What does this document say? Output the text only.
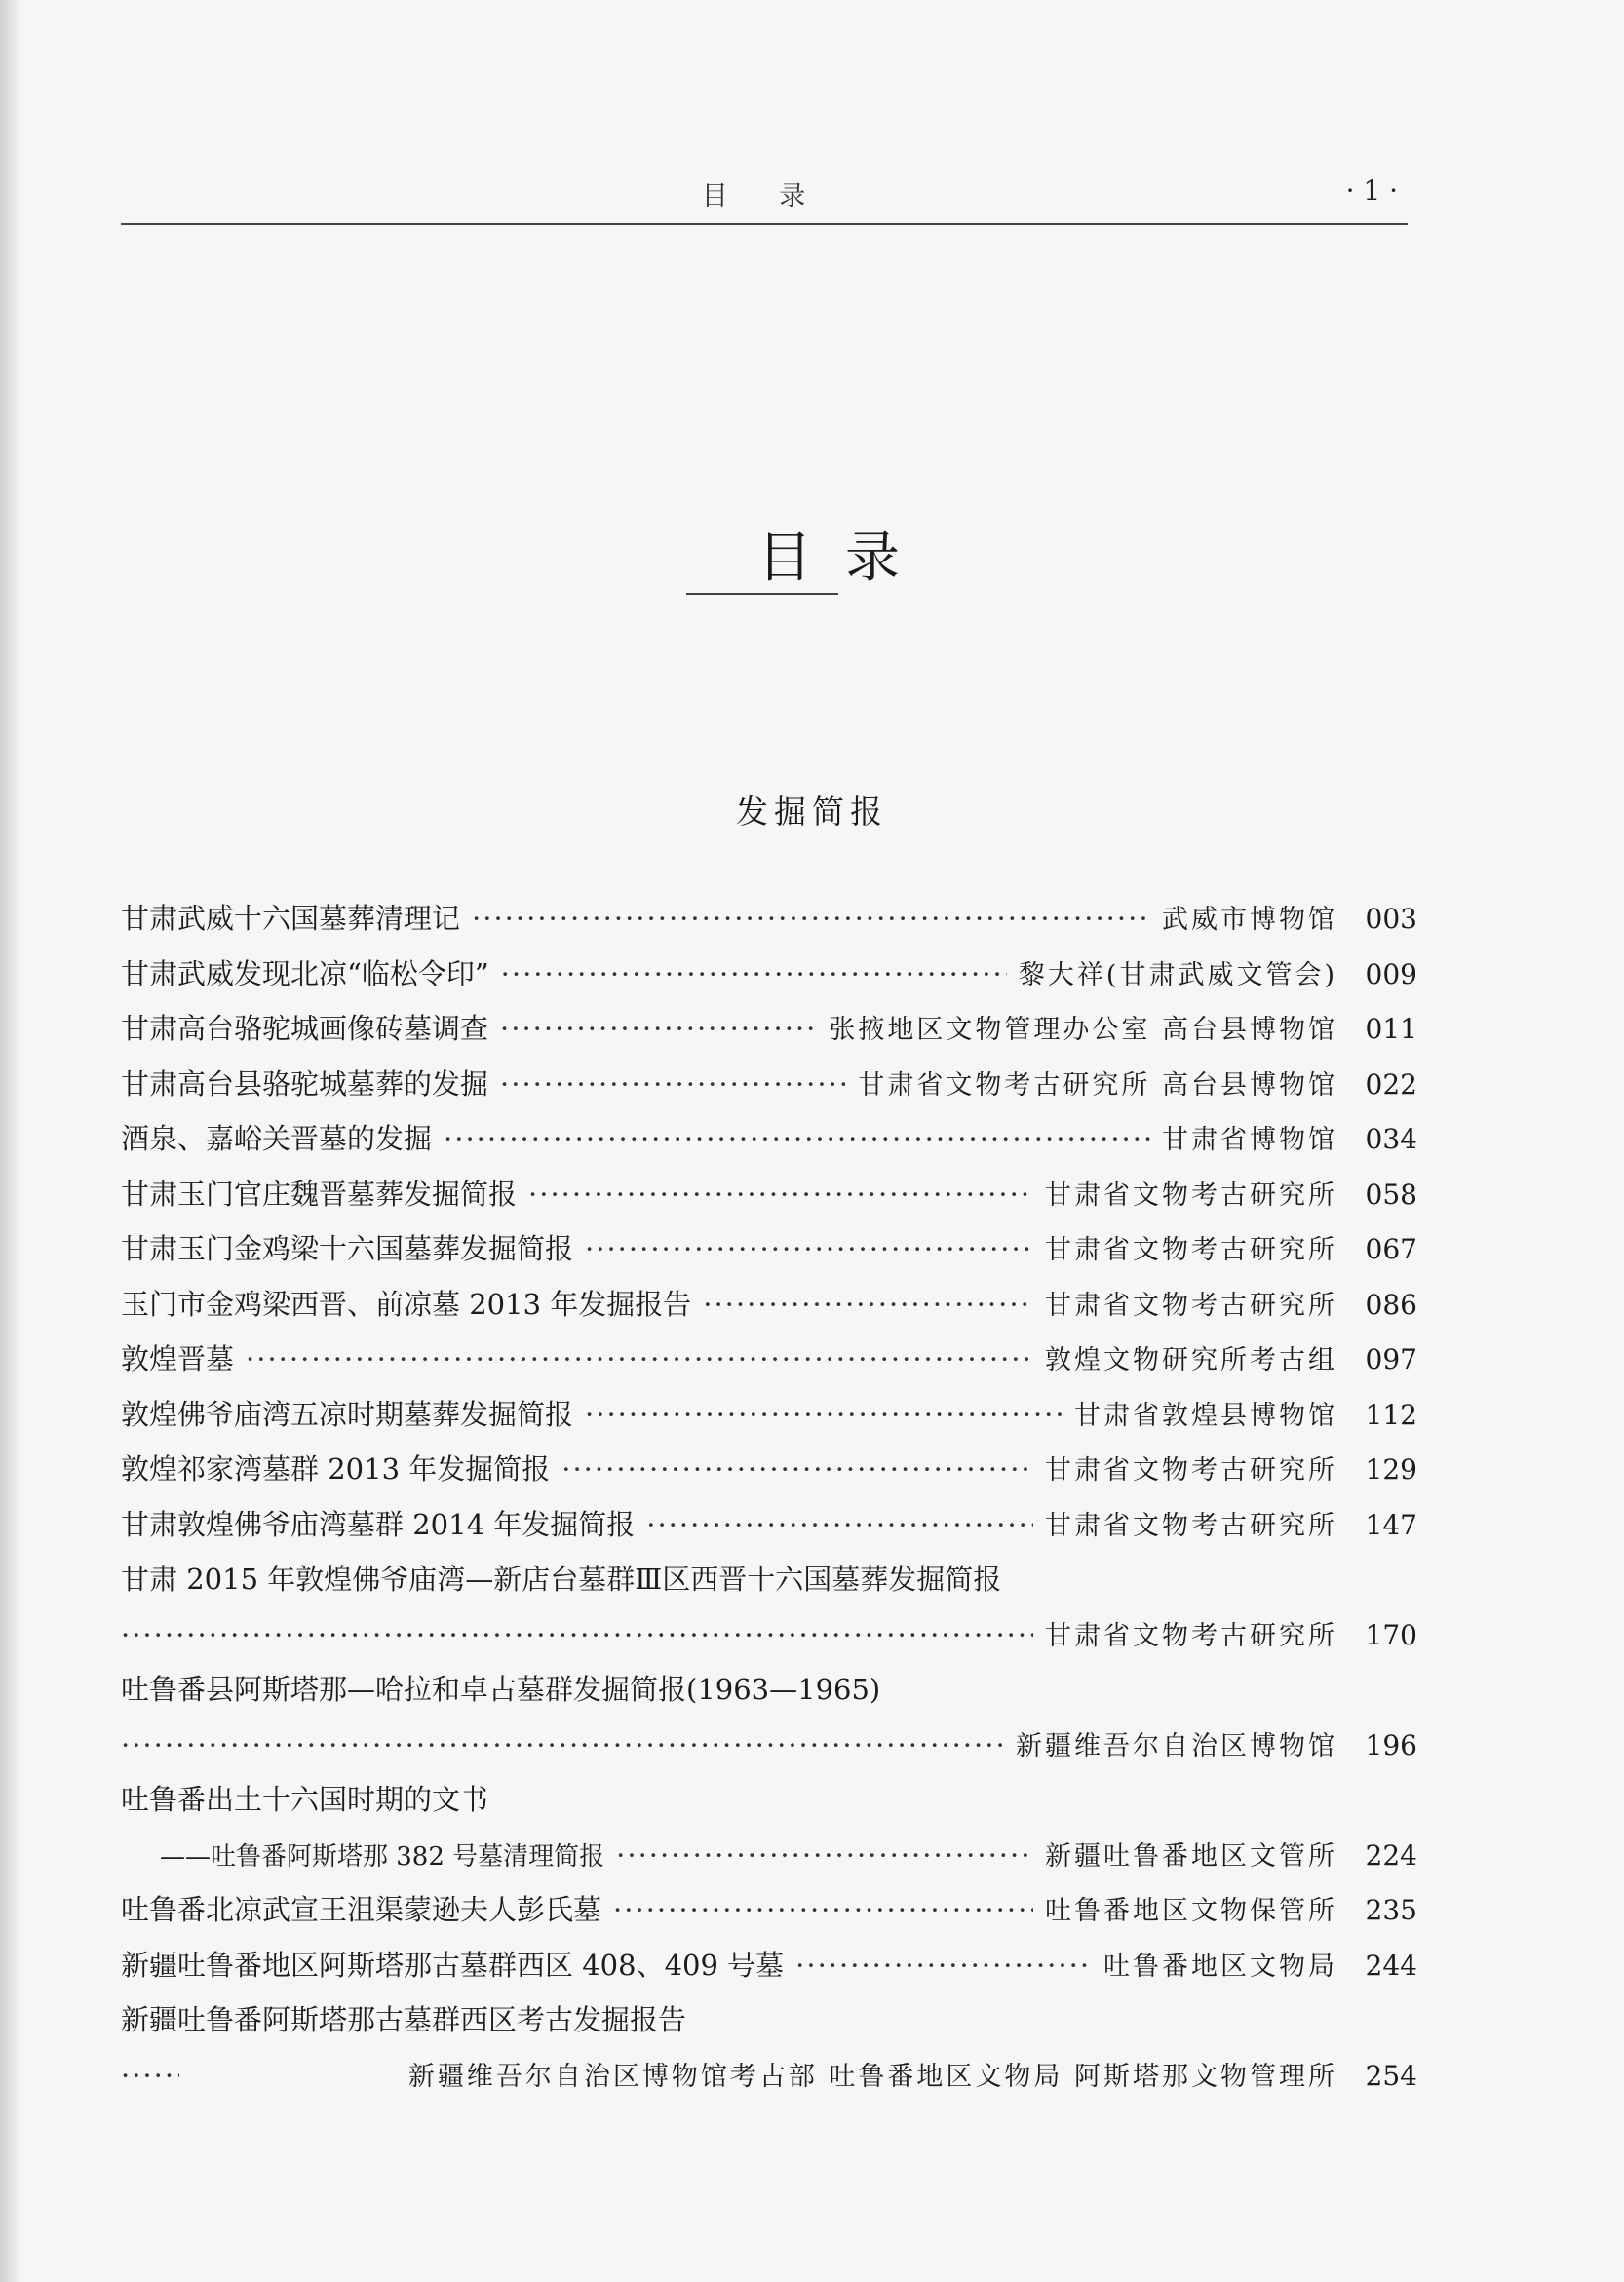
目 录	· 1 ·
目录
发掘简报
甘肃武威十六国墓葬清理记 ·····	武威市博物馆	003
甘肃武威发现北凉“临松令印” ·····	黎大祥(甘肃武威文管会)	009
甘肃高台骆驼城画像砖墓调查 ·····	张掖地区文物管理办公室 高台县博物馆	011
甘肃高台县骆驼城墓葬的发掘 ·····	甘肃省文物考古研究所 高台县博物馆	022
酒泉、嘉峪关晋墓的发掘 ·····	甘肃省博物馆	034
甘肃玉门官庄魏晋墓葬发掘简报 ·····	甘肃省文物考古研究所	058
甘肃玉门金鸡梁十六国墓葬发掘简报 ·····	甘肃省文物考古研究所	067
玉门市金鸡梁西晋、前凉墓 2013 年发掘报告 ·····	甘肃省文物考古研究所	086
敦煌晋墓 ·····	敦煌文物研究所考古组	097
敦煌佛爷庙湾五凉时期墓葬发掘简报 ·····	甘肃省敦煌县博物馆	112
敦煌祁家湾墓群 2013 年发掘简报 ·····	甘肃省文物考古研究所	129
甘肃敦煌佛爷庙湾墓群 2014 年发掘简报 ·····	甘肃省文物考古研究所	147
甘肃 2015 年敦煌佛爷庙湾—新店台墓群Ⅲ区西晋十六国墓葬发掘简报
·····
甘肃省文物考古研究所	170
吐鲁番县阿斯塔那—哈拉和卓古墓群发掘简报(1963—1965)
·····
新疆维吾尔自治区博物馆	196
吐鲁番出土十六国时期的文书
——吐鲁番阿斯塔那 382 号墓清理简报 ·····	新疆吐鲁番地区文管所	224
吐鲁番北凉武宣王沮渠蒙逊夫人彭氏墓 ·····	吐鲁番地区文物保管所	235
新疆吐鲁番地区阿斯塔那古墓群西区 408、409 号墓 ·····	吐鲁番地区文物局	244
新疆吐鲁番阿斯塔那古墓群西区考古发掘报告
·····
新疆维吾尔自治区博物馆考古部 吐鲁番地区文物局 阿斯塔那文物管理所	254
